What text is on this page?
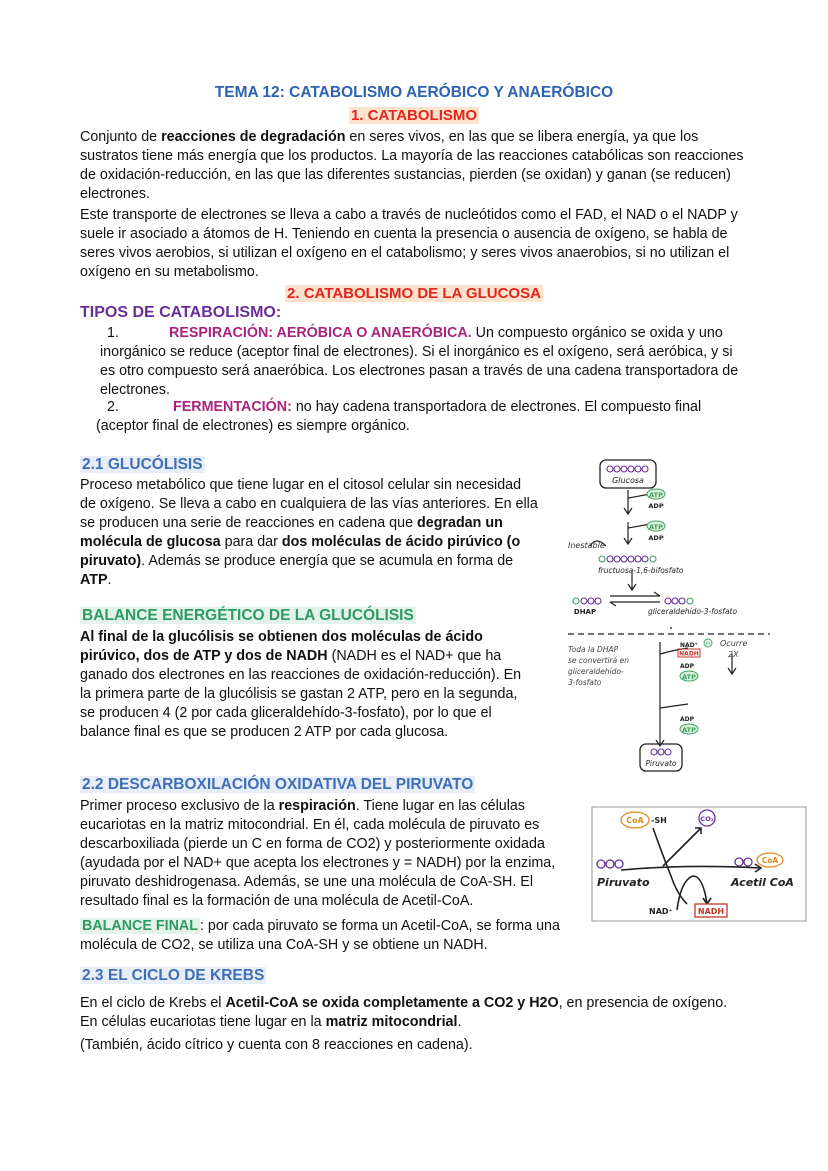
TEMA 12: CATABOLISMO AERÓBICO Y ANAERÓBICO
1. CATABOLISMO
Conjunto de reacciones de degradación en seres vivos, en las que se libera energía, ya que los sustratos tiene más energía que los productos. La mayoría de las reacciones catabólicas son reacciones de oxidación-reducción, en las que las diferentes sustancias, pierden (se oxidan) y ganan (se reducen) electrones.
Este transporte de electrones se lleva a cabo a través de nucleótidos como el FAD, el NAD o el NADP y suele ir asociado a átomos de H. Teniendo en cuenta la presencia o ausencia de oxígeno, se habla de seres vivos aerobios, si utilizan el oxígeno en el catabolismo; y seres vivos anaerobios, si no utilizan el oxígeno en su metabolismo.
2. CATABOLISMO DE LA GLUCOSA
TIPOS DE CATABOLISMO:
1.	RESPIRACIÓN: AERÓBICA O ANAERÓBICA. Un compuesto orgánico se oxida y uno inorgánico se reduce (aceptor final de electrones). Si el inorgánico es el oxígeno, será aeróbica, y si es otro compuesto será anaeróbica. Los electrones pasan a través de una cadena transportadora de electrones.
2.	FERMENTACIÓN: no hay cadena transportadora de electrones. El compuesto final (aceptor final de electrones) es siempre orgánico.
2.1 GLUCÓLISIS
Proceso metabólico que tiene lugar en el citosol celular sin necesidad de oxígeno. Se lleva a cabo en cualquiera de las vías anteriores. En ella se producen una serie de reacciones en cadena que degradan un molécula de glucosa para dar dos moléculas de ácido pirúvico (o piruvato). Además se produce energía que se acumula en forma de ATP.
BALANCE ENERGÉTICO DE LA GLUCÓLISIS
Al final de la glucólisis se obtienen dos moléculas de ácido pirúvico, dos de ATP y dos de NADH (NADH es el NAD+ que ha ganado dos electrones en las reacciones de oxidación-reducción). En la primera parte de la glucólisis se gastan 2 ATP, pero en la segunda, se producen 4 (2 por cada gliceraldehído-3-fosfato), por lo que el balance final es que se producen 2 ATP por cada glucosa.
Glucosa
ATP
ADP
ATP
ADP
Inestable
fructuosa-1,6-bifosfato
DHAP	gliceraldehído-3-fosfato
Toda la DHAP
se convertirá en
gliceraldehído-
3-fosfato
NAD⁺
NADH
Pi Ocurre
2X
ADP
ATP
ADP
ATP
Piruvato
2.2 DESCARBOXILACIÓN OXIDATIVA DEL PIRUVATO
Primer proceso exclusivo de la respiración. Tiene lugar en las células eucariotas en la matriz mitocondrial. En él, cada molécula de piruvato es descarboxiliada (pierde un C en forma de CO2) y posteriormente oxidada (ayudada por el NAD+ que acepta los electrones y = NADH) por la enzima, piruvato deshidrogenasa. Además, se une una molécula de CoA-SH. El resultado final es la formación de una molécula de Acetil-CoA.
BALANCE FINAL : por cada piruvato se forma un Acetil-CoA, se forma una molécula de CO2, se utiliza una CoA-SH y se obtiene un NADH.
CoA -SH	CO₂
CoA
Piruvato	Acetil CoA
NAD⁺	NADH
2.3 EL CICLO DE KREBS
En el ciclo de Krebs el Acetil-CoA se oxida completamente a CO2 y H2O, en presencia de oxígeno. En células eucariotas tiene lugar en la matriz mitocondrial.
(También, ácido cítrico y cuenta con 8 reacciones en cadena).
